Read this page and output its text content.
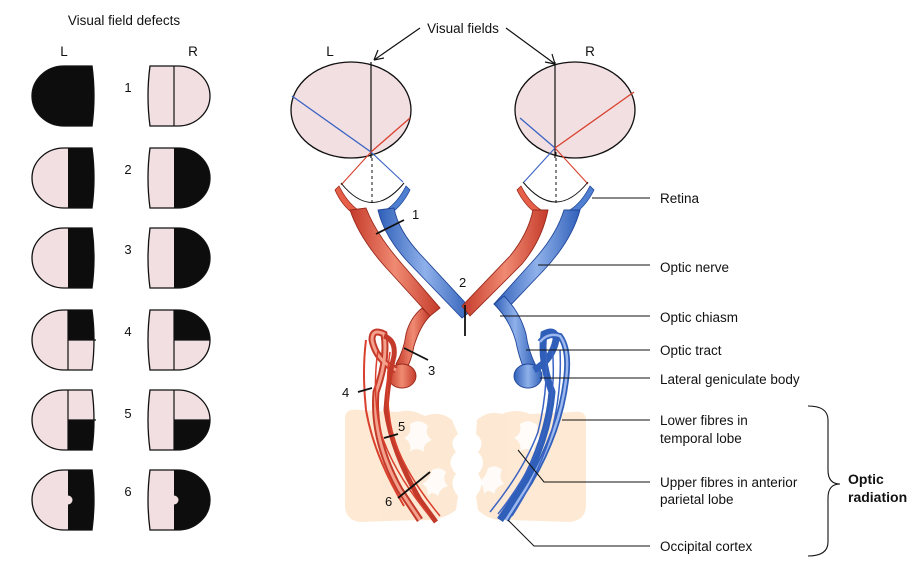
Visual field defects
L	R
1
2
3
4
5
6
Visual fields
L	R
1
2
3
4
5
6
Retina
Optic nerve
Optic chiasm
Optic tract
Lateral geniculate body
Lower fibres in
temporal lobe
Upper fibres in anterior
parietal lobe
Occipital cortex
Optic
radiation
